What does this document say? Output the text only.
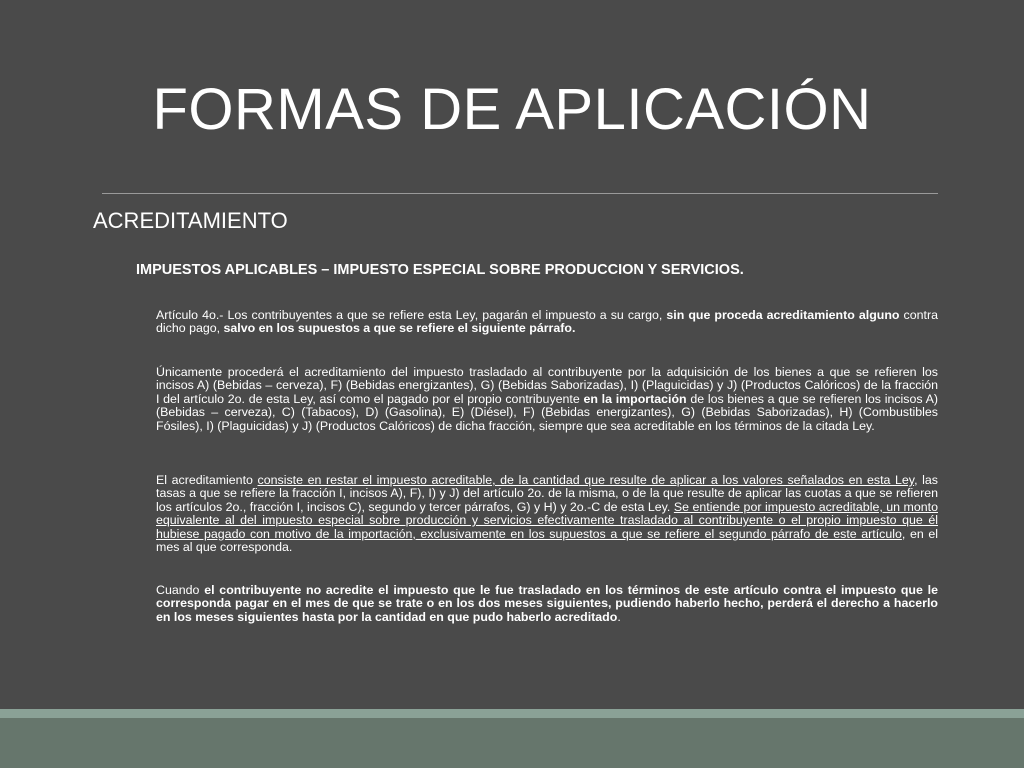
FORMAS DE APLICACIÓN

ACREDITAMIENTO

IMPUESTOS APLICABLES – IMPUESTO ESPECIAL SOBRE PRODUCCION Y SERVICIOS.

Artículo 4o.- Los contribuyentes a que se refiere esta Ley, pagarán el impuesto a su cargo, sin que proceda acreditamiento alguno contra dicho pago, salvo en los supuestos a que se refiere el siguiente párrafo.

Únicamente procederá el acreditamiento del impuesto trasladado al contribuyente por la adquisición de los bienes a que se refieren los incisos A) (Bebidas – cerveza), F) (Bebidas energizantes), G) (Bebidas Saborizadas), I) (Plaguicidas) y J) (Productos Calóricos) de la fracción I del artículo 2o. de esta Ley, así como el pagado por el propio contribuyente en la importación de los bienes a que se refieren los incisos A) (Bebidas – cerveza), C) (Tabacos), D) (Gasolina), E) (Diésel), F) (Bebidas energizantes), G) (Bebidas Saborizadas), H) (Combustibles Fósiles), I) (Plaguicidas) y J) (Productos Calóricos) de dicha fracción, siempre que sea acreditable en los términos de la citada Ley.

El acreditamiento consiste en restar el impuesto acreditable, de la cantidad que resulte de aplicar a los valores señalados en esta Ley, las tasas a que se refiere la fracción I, incisos A), F), I) y J) del artículo 2o. de la misma, o de la que resulte de aplicar las cuotas a que se refieren los artículos 2o., fracción I, incisos C), segundo y tercer párrafos, G) y H) y 2o.-C de esta Ley. Se entiende por impuesto acreditable, un monto equivalente al del impuesto especial sobre producción y servicios efectivamente trasladado al contribuyente o el propio impuesto que él hubiese pagado con motivo de la importación, exclusivamente en los supuestos a que se refiere el segundo párrafo de este artículo, en el mes al que corresponda.

Cuando el contribuyente no acredite el impuesto que le fue trasladado en los términos de este artículo contra el impuesto que le corresponda pagar en el mes de que se trate o en los dos meses siguientes, pudiendo haberlo hecho, perderá el derecho a hacerlo en los meses siguientes hasta por la cantidad en que pudo haberlo acreditado.
